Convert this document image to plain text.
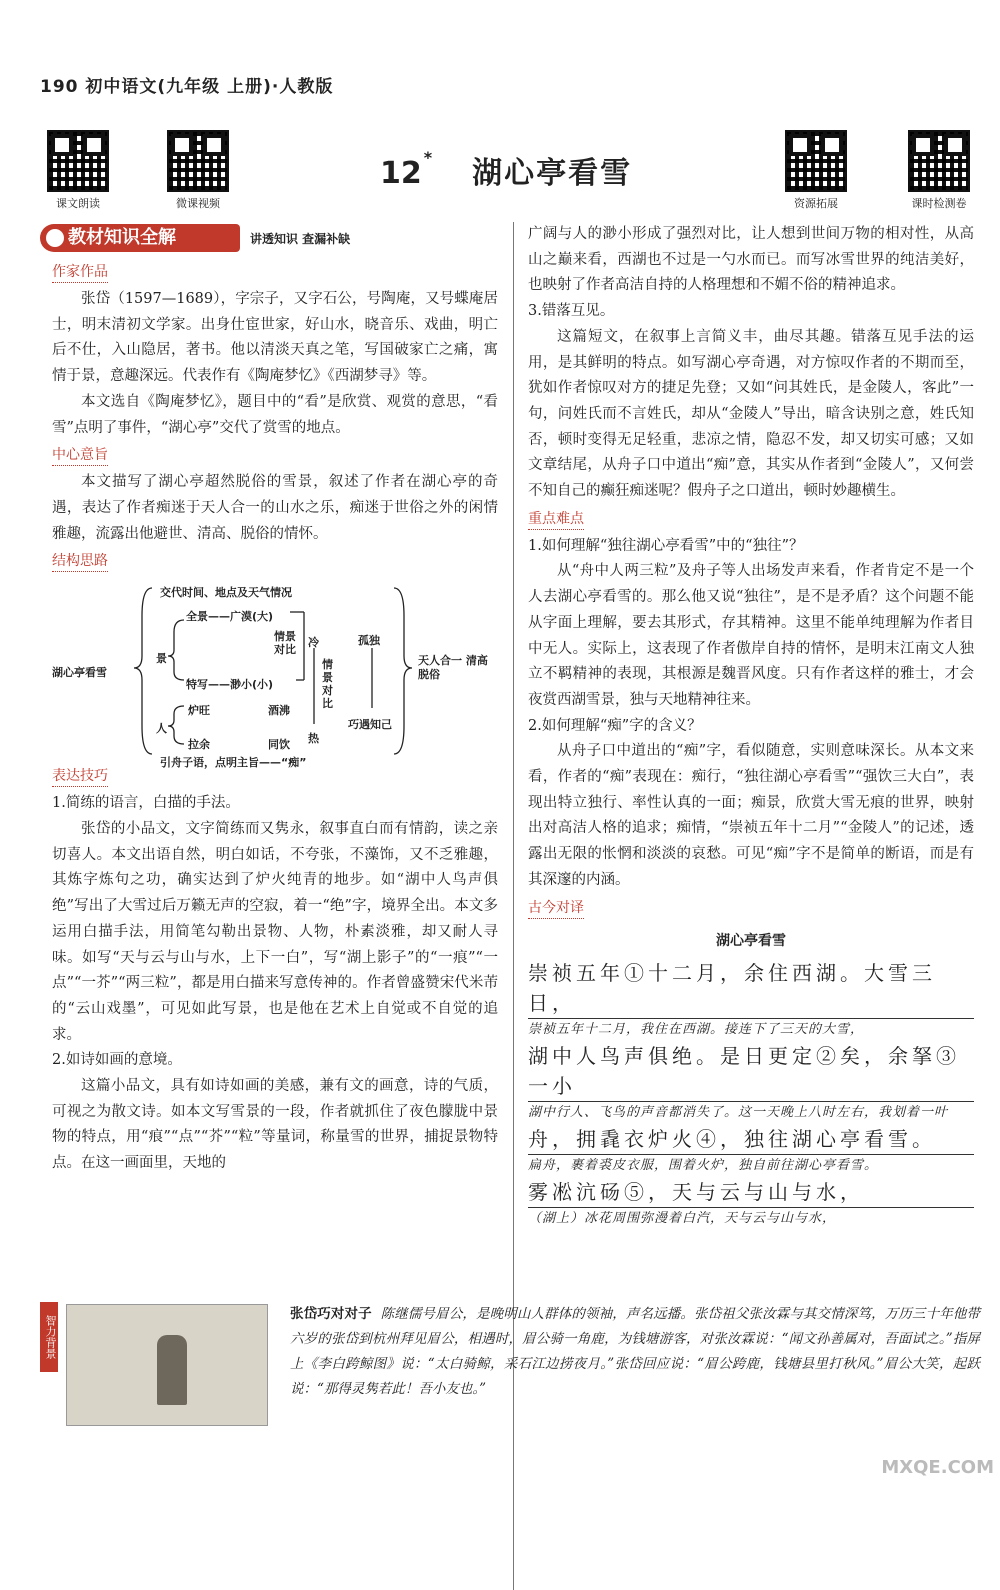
190 初中语文(九年级 上册)·人教版
课文朗读	微课视频	资源拓展	课时检测卷
12 * 湖心亭看雪
教材知识全解	讲透知识 查漏补缺
作家作品

张岱（1597—1689），字宗子，又字石公，号陶庵，又号蝶庵居士，明末清初文学家。出身仕宦世家，好山水，晓音乐、戏曲，明亡后不仕，入山隐居，著书。他以清淡天真之笔，写国破家亡之痛，寓情于景，意趣深远。代表作有《陶庵梦忆》《西湖梦寻》等。

本文选自《陶庵梦忆》，题目中的“看”是欣赏、观赏的意思，“看雪”点明了事件，“湖心亭”交代了赏雪的地点。

中心意旨

本文描写了湖心亭超然脱俗的雪景，叙述了作者在湖心亭的奇遇，表达了作者痴迷于天人合一的山水之乐，痴迷于世俗之外的闲情雅趣，流露出他避世、清高、脱俗的情怀。

结构思路
湖心亭看雪
交代时间、地点及天气情况
景
全景——广漠(大)
特写——渺小(小)
情景对比
冷
热
情景对比
孤独
巧遇知己
人
炉旺	酒沸
拉余	同饮
引舟子语，点明主旨——“痴”
天人合一 清高脱俗
表达技巧

1.简练的语言，白描的手法。

张岱的小品文，文字简练而又隽永，叙事直白而有情韵，读之亲切喜人。本文出语自然，明白如话，不夸张，不藻饰，又不乏雅趣，其炼字炼句之功，确实达到了炉火纯青的地步。如“湖中人鸟声俱绝”写出了大雪过后万籁无声的空寂，着一“绝”字，境界全出。本文多运用白描手法，用简笔勾勒出景物、人物，朴素淡雅，却又耐人寻味。如写“天与云与山与水，上下一白”，写“湖上影子”的“一痕”“一点”“一芥”“两三粒”，都是用白描来写意传神的。作者曾盛赞宋代米芾的“云山戏墨”，可见如此写景，也是他在艺术上自觉或不自觉的追求。

2.如诗如画的意境。

这篇小品文，具有如诗如画的美感，兼有文的画意，诗的气质，可视之为散文诗。如本文写雪景的一段，作者就抓住了夜色朦胧中景物的特点，用“痕”“点”“芥”“粒”等量词，称量雪的世界，捕捉景物特点。在这一画面里，天地的

广阔与人的渺小形成了强烈对比，让人想到世间万物的相对性，从高山之巅来看，西湖也不过是一勺水而已。而写冰雪世界的纯洁美好，也映射了作者高洁自持的人格理想和不媚不俗的精神追求。

3.错落互见。

这篇短文，在叙事上言简义丰，曲尽其趣。错落互见手法的运用，是其鲜明的特点。如写湖心亭奇遇，对方惊叹作者的不期而至，犹如作者惊叹对方的捷足先登；又如“问其姓氏，是金陵人，客此”一句，问姓氏而不言姓氏，却从“金陵人”导出，暗含诀别之意，姓氏知否，顿时变得无足轻重，悲凉之情，隐忍不发，却又切实可感；又如文章结尾，从舟子口中道出“痴”意，其实从作者到“金陵人”，又何尝不知自己的癫狂痴迷呢？假舟子之口道出，顿时妙趣横生。

重点难点

1.如何理解“独往湖心亭看雪”中的“独往”？

从“舟中人两三粒”及舟子等人出场发声来看，作者肯定不是一个人去湖心亭看雪的。那么他又说“独往”，是不是矛盾？这个问题不能从字面上理解，要去其形式，存其精神。这里不能单纯理解为作者目中无人。实际上，这表现了作者傲岸自持的情怀，是明末江南文人独立不羁精神的表现，其根源是魏晋风度。只有作者这样的雅士，才会夜赏西湖雪景，独与天地精神往来。

2.如何理解“痴”字的含义？

从舟子口中道出的“痴”字，看似随意，实则意味深长。从本文来看，作者的“痴”表现在：痴行，“独往湖心亭看雪”“强饮三大白”，表现出特立独行、率性认真的一面；痴景，欣赏大雪无痕的世界，映射出对高洁人格的追求；痴情，“崇祯五年十二月”“金陵人”的记述，透露出无限的怅惘和淡淡的哀愁。可见“痴”字不是简单的断语，而是有其深邃的内涵。

古今对译
湖心亭看雪
崇祯五年①十二月，余住西湖。大雪三日，
崇祯五年十二月，我住在西湖。接连下了三天的大雪，
湖中人鸟声俱绝。是日更定②矣，余拏③一小
湖中行人、飞鸟的声音都消失了。这一天晚上八时左右，我划着一叶
舟，拥毳衣炉火④，独往湖心亭看雪。
扁舟，裹着裘皮衣服，围着火炉，独自前往湖心亭看雪。
雾凇沆砀⑤，天与云与山与水，
（湖上）冰花周围弥漫着白汽，天与云与山与水，
智力背景
张岱巧对对子 陈继儒号眉公，是晚明山人群体的领袖，声名远播。张岱祖父张汝霖与其交情深笃，万历三十年他带六岁的张岱到杭州拜见眉公，相遇时，眉公骑一角鹿，为钱塘游客，对张汝霖说：“闻文孙善属对，吾面试之。”指屏上《李白跨鲸图》说：“太白骑鲸，采石江边捞夜月。”张岱回应说：“眉公跨鹿，钱塘县里打秋风。”眉公大笑，起跃说：“那得灵隽若此！吾小友也。”
MXQE.COM
